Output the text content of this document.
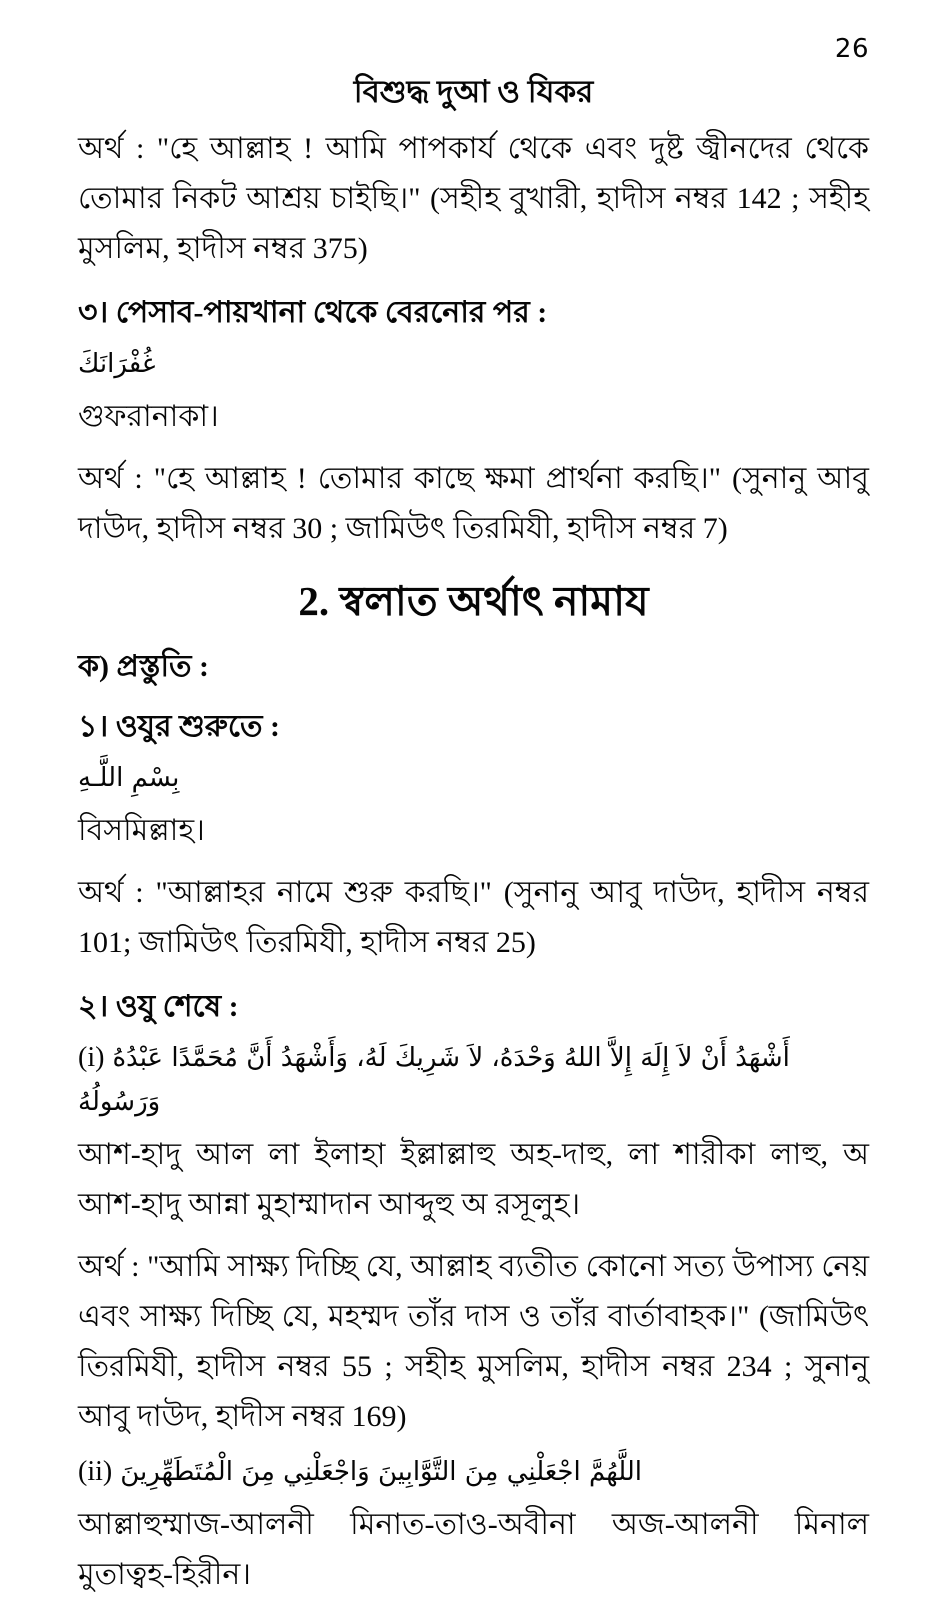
26
বিশুদ্ধ দুআ ও যিকর
অর্থ : "হে আল্লাহ ! আমি পাপকার্য থেকে এবং দুষ্ট জ্বীনদের থেকে তোমার নিকট আশ্রয় চাইছি।" (সহীহ বুখারী, হাদীস নম্বর 142 ; সহীহ মুসলিম, হাদীস নম্বর 375)
৩। পেসাব-পায়খানা থেকে বেরনোর পর :
غُفْرَانَكَ
গুফরানাকা।
অর্থ : "হে আল্লাহ ! তোমার কাছে ক্ষমা প্রার্থনা করছি।" (সুনানু আবু দাউদ, হাদীস নম্বর 30 ; জামিউৎ তিরমিযী, হাদীস নম্বর 7)
2. স্বলাত অর্থাৎ নামায
ক) প্রস্তুতি :
১। ওযুর শুরুতে :
بِسْمِ اللَّـهِ
বিসমিল্লাহ।
অর্থ : "আল্লাহর নামে শুরু করছি।" (সুনানু আবু দাউদ, হাদীস নম্বর 101; জামিউৎ তিরমিযী, হাদীস নম্বর 25)
২। ওযু শেষে :
(i) أَشْهَدُ أَنْ لاَ إِلَهَ إِلاَّ اللهُ وَحْدَهُ، لاَ شَرِيكَ لَهُ، وَأَشْهَدُ أَنَّ مُحَمَّدًا عَبْدُهُ وَرَسُولُهُ
আশ-হাদু আল লা ইলাহা ইল্লাল্লাহু অহ-দাহু, লা শারীকা লাহু, অ আশ-হাদু আন্না মুহাম্মাদান আব্দুহু অ রসূলুহ।
অর্থ : "আমি সাক্ষ্য দিচ্ছি যে, আল্লাহ ব্যতীত কোনো সত্য উপাস্য নেয় এবং সাক্ষ্য দিচ্ছি যে, মহম্মদ তাঁর দাস ও তাঁর বার্তাবাহক।" (জামিউৎ তিরমিযী, হাদীস নম্বর 55 ; সহীহ মুসলিম, হাদীস নম্বর 234 ; সুনানু আবু দাউদ, হাদীস নম্বর 169)
(ii) اللَّهُمَّ اجْعَلْنِي مِنَ التَّوَّابِينَ وَاجْعَلْنِي مِنَ الْمُتَطَهِّرِينَ
আল্লাহুম্মাজ-আলনী মিনাত-তাও-অবীনা অজ-আলনী মিনাল মুতাত্বহ-হিরীন।
